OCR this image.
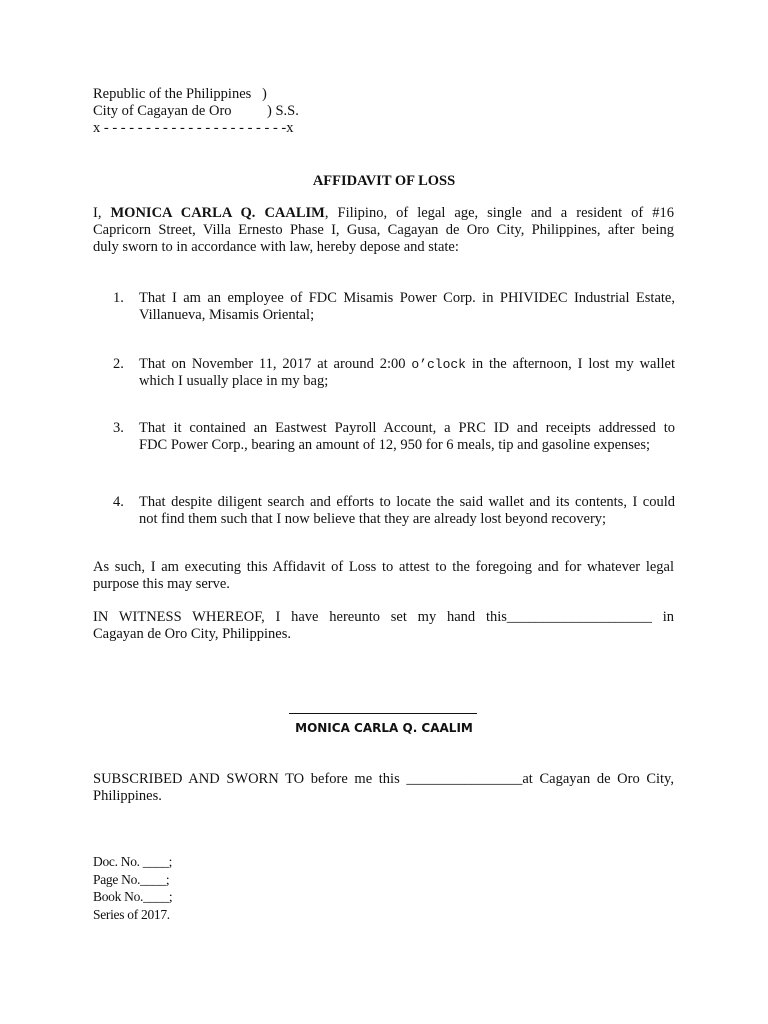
Republic of the Philippines )
City of Cagayan de Oro ) S.S.
x - - - - - - - - - - - - - - - - - - - - - -x
AFFIDAVIT OF LOSS
I, MONICA CARLA Q. CAALIM, Filipino, of legal age, single and a resident of #16
Capricorn Street, Villa Ernesto Phase I, Gusa, Cagayan de Oro City, Philippines, after being
duly sworn to in accordance with law, hereby depose and state:
1.	That I am an employee of FDC Misamis Power Corp. in PHIVIDEC Industrial Estate,
Villanueva, Misamis Oriental;
2.	That on November 11, 2017 at around 2:00 o’clock in the afternoon, I lost my wallet
which I usually place in my bag;
3.	That it contained an Eastwest Payroll Account, a PRC ID and receipts addressed to
FDC Power Corp., bearing an amount of 12, 950 for 6 meals, tip and gasoline expenses;
4.	That despite diligent search and efforts to locate the said wallet and its contents, I could
not find them such that I now believe that they are already lost beyond recovery;
As such, I am executing this Affidavit of Loss to attest to the foregoing and for whatever legal
purpose this may serve.
IN WITNESS WHEREOF, I have hereunto set my hand this____________________ in
Cagayan de Oro City, Philippines.
MONICA CARLA Q. CAALIM
SUBSCRIBED AND SWORN TO before me this ________________at Cagayan de Oro City,
Philippines.
Doc. No. ____;
Page No.____;
Book No.____;
Series of 2017.
